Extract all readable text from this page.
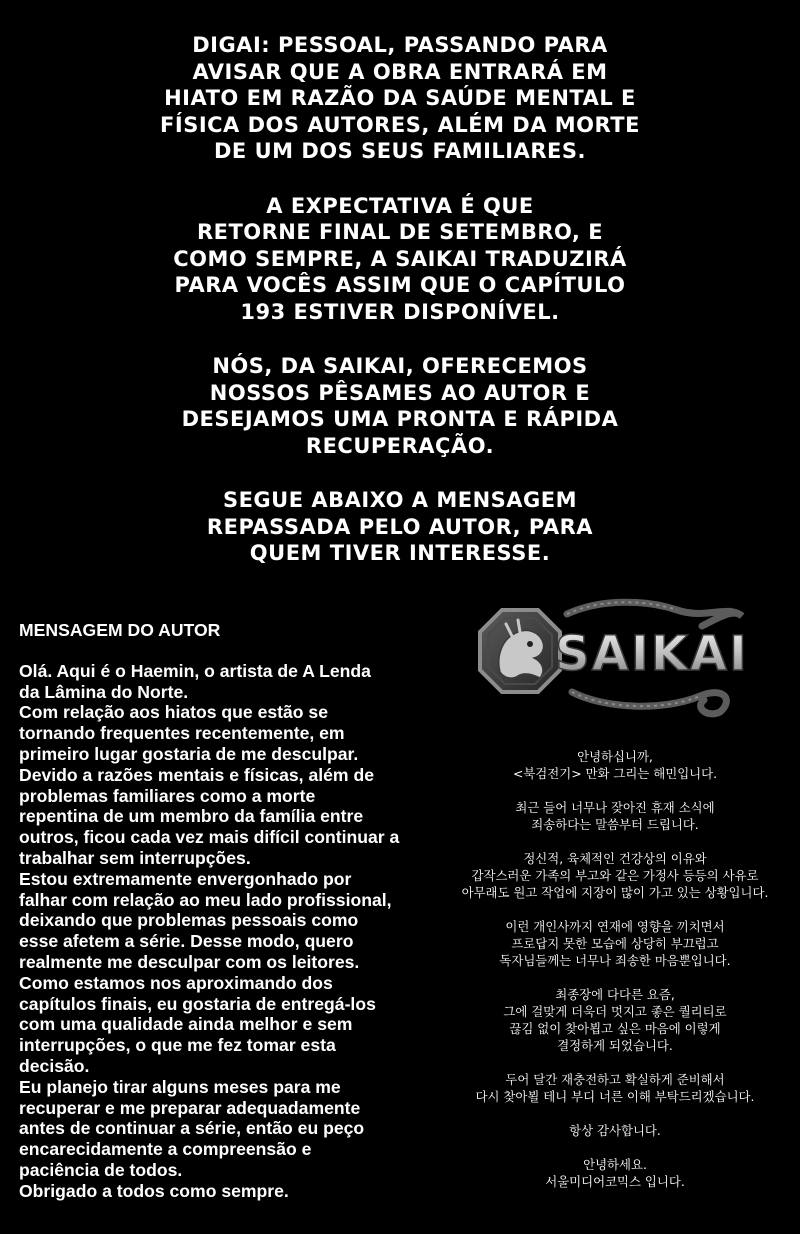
DIGAI: PESSOAL, PASSANDO PARA
AVISAR QUE A OBRA ENTRARÁ EM
HIATO EM RAZÃO DA SAÚDE MENTAL E
FÍSICA DOS AUTORES, ALÉM DA MORTE
DE UM DOS SEUS FAMILIARES.

A EXPECTATIVA É QUE
RETORNE FINAL DE SETEMBRO, E
COMO SEMPRE, A SAIKAI TRADUZIRÁ
PARA VOCÊS ASSIM QUE O CAPÍTULO
193 ESTIVER DISPONÍVEL.

NÓS, DA SAIKAI, OFERECEMOS
NOSSOS PÊSAMES AO AUTOR E
DESEJAMOS UMA PRONTA E RÁPIDA
RECUPERAÇÃO.

SEGUE ABAIXO A MENSAGEM
REPASSADA PELO AUTOR, PARA
QUEM TIVER INTERESSE.

MENSAGEM DO AUTOR
Olá. Aqui é o Haemin, o artista de A Lenda
da Lâmina do Norte.
Com relação aos hiatos que estão se
tornando frequentes recentemente, em
primeiro lugar gostaria de me desculpar.
Devido a razões mentais e físicas, além de
problemas familiares como a morte
repentina de um membro da família entre
outros, ficou cada vez mais difícil continuar a
trabalhar sem interrupções.
Estou extremamente envergonhado por
falhar com relação ao meu lado profissional,
deixando que problemas pessoais como
esse afetem a série. Desse modo, quero
realmente me desculpar com os leitores.
Como estamos nos aproximando dos
capítulos finais, eu gostaria de entregá-los
com uma qualidade ainda melhor e sem
interrupções, o que me fez tomar esta
decisão.
Eu planejo tirar alguns meses para me
recuperar e me preparar adequadamente
antes de continuar a série, então eu peço
encarecidamente a compreensão e
paciência de todos.
Obrigado a todos como sempre.
SAIKAI

안녕하십니까,
<북검전기> 만화 그리는 해민입니다.

최근 들어 너무나 잦아진 휴재 소식에
죄송하다는 말씀부터 드립니다.

정신적, 육체적인 건강상의 이유와
갑작스러운 가족의 부고와 같은 가정사 등등의 사유로
아무래도 원고 작업에 지장이 많이 가고 있는 상황입니다.

이런 개인사까지 연재에 영향을 끼치면서
프로답지 못한 모습에 상당히 부끄럽고
독자님들께는 너무나 죄송한 마음뿐입니다.

최종장에 다다른 요즘,
그에 걸맞게 더욱더 멋지고 좋은 퀄리티로
끊김 없이 찾아뵙고 싶은 마음에 이렇게
결정하게 되었습니다.

두어 달간 재충전하고 확실하게 준비해서
다시 찾아뵐 테니 부디 너른 이해 부탁드리겠습니다.

항상 감사합니다.

안녕하세요.
서울미디어코믹스 입니다.
